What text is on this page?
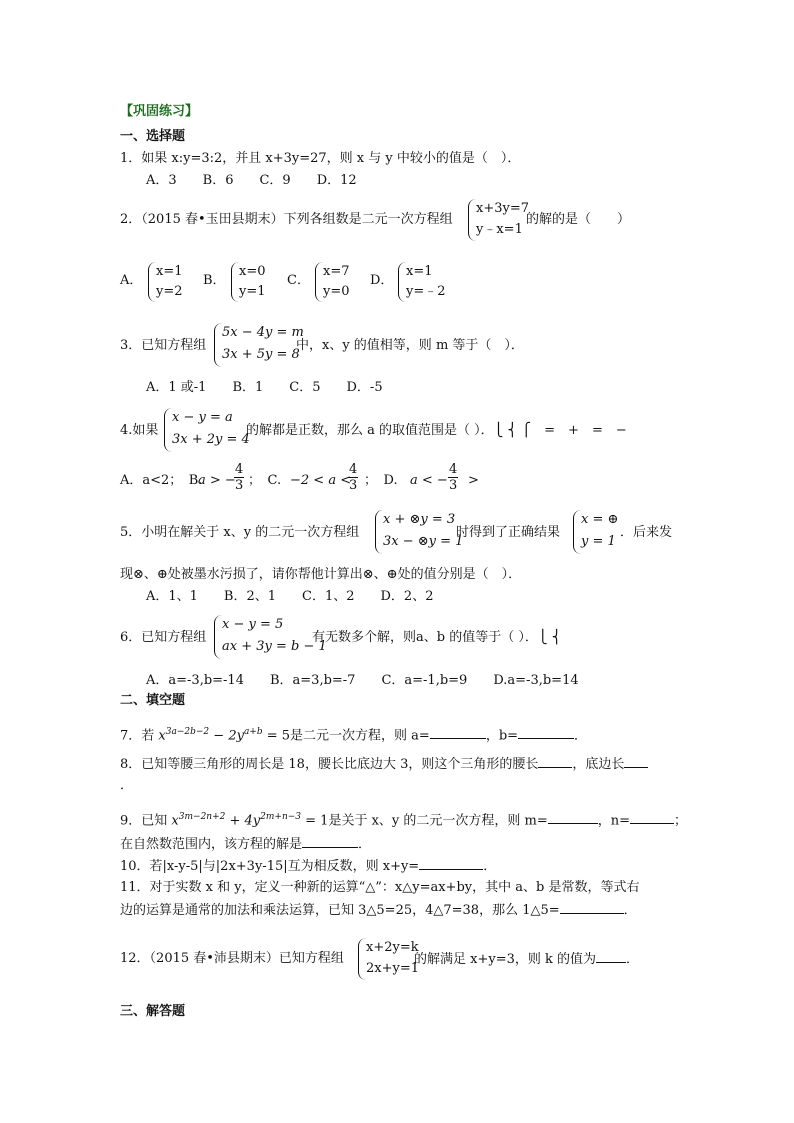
【巩固练习】
一、选择题
1．如果 x:y=3:2，并且 x+3y=27，则 x 与 y 中较小的值是（　）．
A．3　　B．6　　C．9　　D．12
2．（2015 春•玉田县期末）下列各组数是二元一次方程组
x+3y=7
y﹣x=1
的解的是（　　）
A．
x=1
y=2
B．
x=0
y=1
C．
x=7
y=0
D．
x=1
y=﹣2
3．已知方程组
5x − 4y = m
3x + 5y = 8
中，x、y 的值相等，则 m 等于（　）．
A．1 或-1　　B．1　　C．5　　D．-5
4.如果
x − y = a
3x + 2y = 4
的解都是正数，那么 a 的取值范围是（ ）．⎩ ⎨ ⎧　=　+　=　−
A．a<2；　B.
a > −
$\frac{4}{3}$ ；　C. −2 < a <
$\frac{4}{3}$ ；　D. a < − $\frac{4}{3}$ >
5．小明在解关于 x、y 的二元一次方程组
x + ⊗y = 3
3x − ⊗y = 1
时得到了正确结果
x = ⊕
y = 1
．后来发
现⊗、⊕处被墨水污损了，请你帮他计算出⊗、⊕处的值分别是（　）．
A．1、1　　B．2、1　　C．1、2　　D．2、2
6．已知方程组
x − y = 5
ax + 3y = b − 1
有无数多个解，则a、b 的值等于（ ）．⎩ ⎨
A．a=-3,b=-14　　B．a=3,b=-7　　C．a=-1,b=9　　D.a=-3,b=14
二、填空题
7．若 $x^{3a-2b-2} - 2y^{a+b} = 5$是二元一次方程，则 a=	，b=	．
8．已知等腰三角形的周长是 18，腰长比底边大 3，则这个三角形的腰长	，底边长
．
9．已知 $x^{3m-2n+2} + 4y^{2m+n-3} = 1$是关于 x、y 的二元一次方程，则 m=	，n=	；
在自然数范围内，该方程的解是	．
10．若|x-y-5|与|2x+3y-15|互为相反数，则 x+y=	．
11．对于实数 x 和 y，定义一种新的运算“△”：x△y=ax+by，其中 a、b 是常数，等式右
边的运算是通常的加法和乘法运算，已知 3△5=25，4△7=38，那么 1△5=	．
12．（2015 春•沛县期末）已知方程组
x+2y=k
2x+y=1
的解满足 x+y=3，则 k 的值为 ．
三、解答题
